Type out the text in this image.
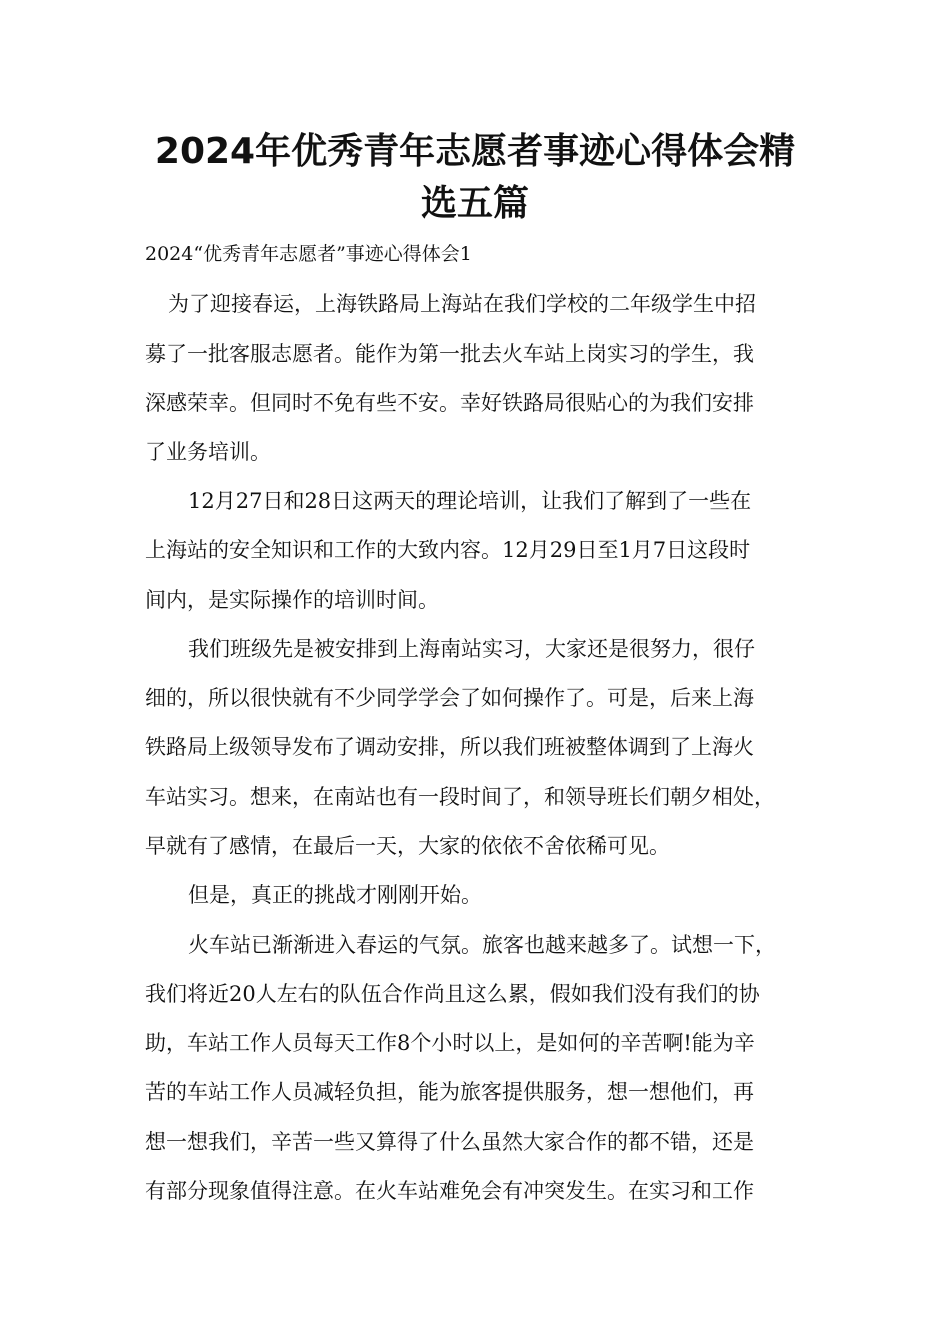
2024年优秀青年志愿者事迹心得体会精
选五篇

2024“优秀青年志愿者”事迹心得体会1

为了迎接春运，上海铁路局上海站在我们学校的二年级学生中招

募了一批客服志愿者。能作为第一批去火车站上岗实习的学生，我

深感荣幸。但同时不免有些不安。幸好铁路局很贴心的为我们安排

了业务培训。

12月27日和28日这两天的理论培训，让我们了解到了一些在

上海站的安全知识和工作的大致内容。12月29日至1月7日这段时

间内，是实际操作的培训时间。

我们班级先是被安排到上海南站实习，大家还是很努力，很仔

细的，所以很快就有不少同学学会了如何操作了。可是，后来上海

铁路局上级领导发布了调动安排，所以我们班被整体调到了上海火

车站实习。想来，在南站也有一段时间了，和领导班长们朝夕相处，

早就有了感情，在最后一天，大家的依依不舍依稀可见。

但是，真正的挑战才刚刚开始。

火车站已渐渐进入春运的气氛。旅客也越来越多了。试想一下，

我们将近20人左右的队伍合作尚且这么累，假如我们没有我们的协

助，车站工作人员每天工作8个小时以上，是如何的辛苦啊!能为辛

苦的车站工作人员减轻负担，能为旅客提供服务，想一想他们，再

想一想我们，辛苦一些又算得了什么虽然大家合作的都不错，还是

有部分现象值得注意。在火车站难免会有冲突发生。在实习和工作
